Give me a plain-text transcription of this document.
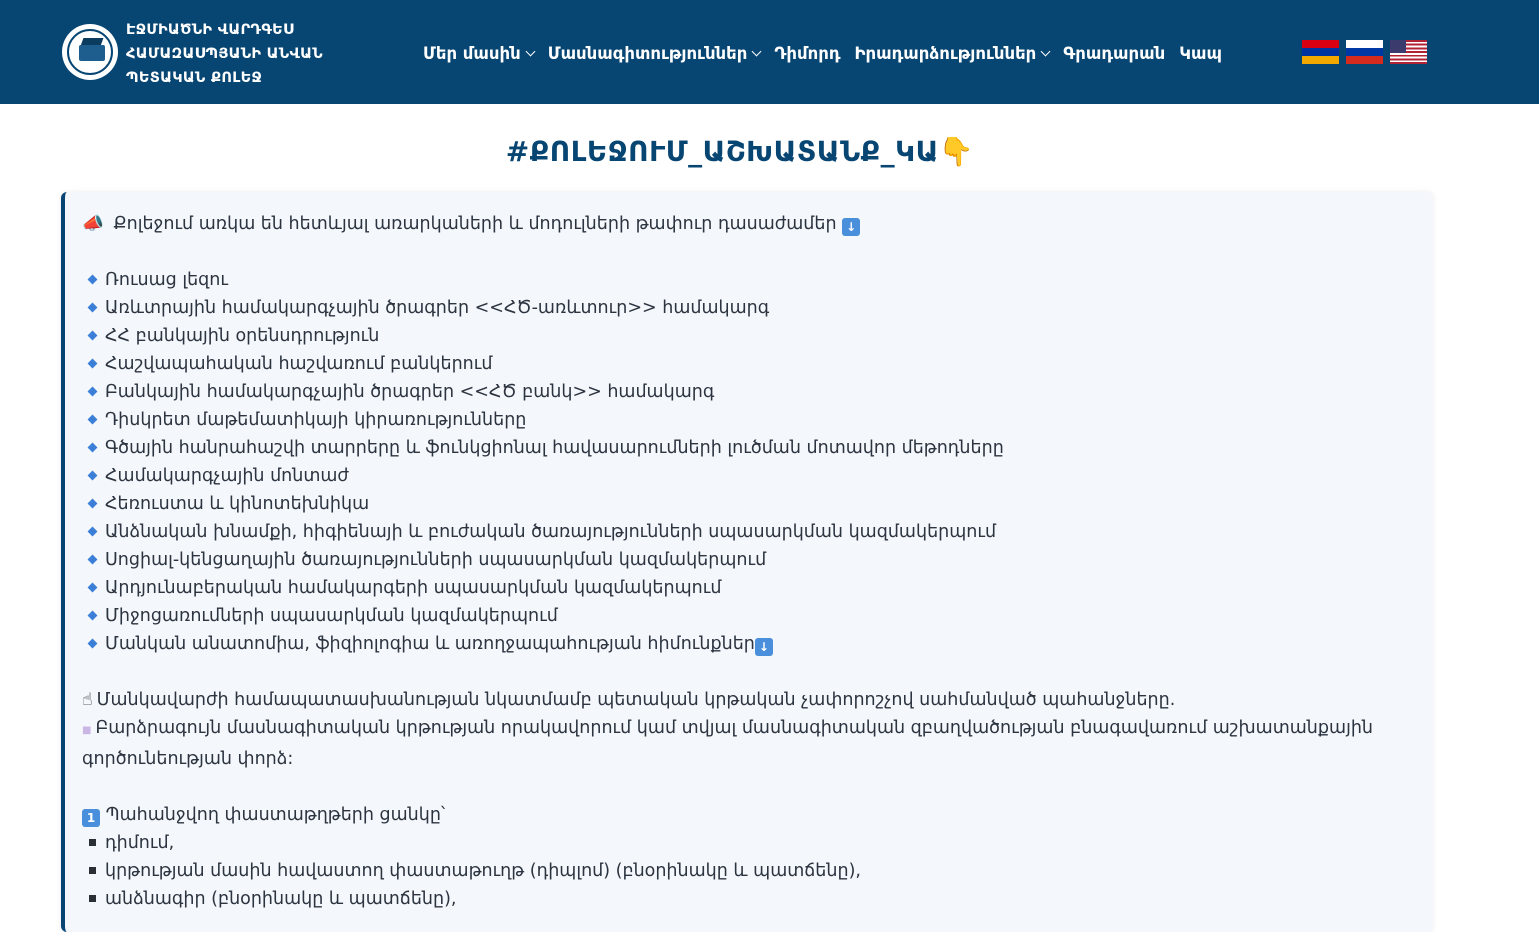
ԷՋՄԻԱԾՆԻ ՎԱՐԴԳԵՍ
ՀԱՄԱԶԱՍՊՅԱՆԻ ԱՆՎԱՆ
ՊԵՏԱԿԱՆ ՔՈԼԵՋ
Մեր մասին Մասնագիտություններ Դիմորդ Իրադարձություններ Գրադարան Կապ
#ՔՈԼԵՋՈՒՄ_ԱՇԽԱՏԱՆՔ_ԿԱ👇
📣 Քոլեջում առկա են հետևյալ առարկաների և մոդուլների թափուր դասաժամեր ↓
Ռուսաց լեզու
Առևտրային համակարգչային ծրագրեր <<ՀԾ-առևտուր>> համակարգ
ՀՀ բանկային օրենսդրություն
Հաշվապահական հաշվառում բանկերում
Բանկային համակարգչային ծրագրեր <<ՀԾ բանկ>> համակարգ
Դիսկրետ մաթեմատիկայի կիրառությունները
Գծային հանրահաշվի տարրերը և ֆունկցիոնալ հավասարումների լուծման մոտավոր մեթոդները
Համակարգչային մոնտաժ
Հեռուստա և կինոտեխնիկա
Անձնական խնամքի, հիգիենայի և բուժական ծառայությունների սպասարկման կազմակերպում
Սոցիալ-կենցաղային ծառայությունների սպասարկման կազմակերպում
Արդյունաբերական համակարգերի սպասարկման կազմակերպում
Միջոցառումների սպասարկման կազմակերպում
Մանկան անատոմիա, ֆիզիոլոգիա և առողջապահության հիմունքներ ↓
☝ Մանկավարժի համապատասխանության նկատմամբ պետական կրթական չափորոշչով սահմանված պահանջները.
■ Բարձրագույն մասնագիտական կրթության որակավորում կամ տվյալ մասնագիտական զբաղվածության բնագավառում աշխատանքային գործունեության փորձ:
1 Պահանջվող փաստաթղթերի ցանկը՝
դիմում,
կրթության մասին հավաստող փաստաթուղթ (դիպլոմ) (բնօրինակը և պատճենը),
անձնագիր (բնօրինակը և պատճենը),
